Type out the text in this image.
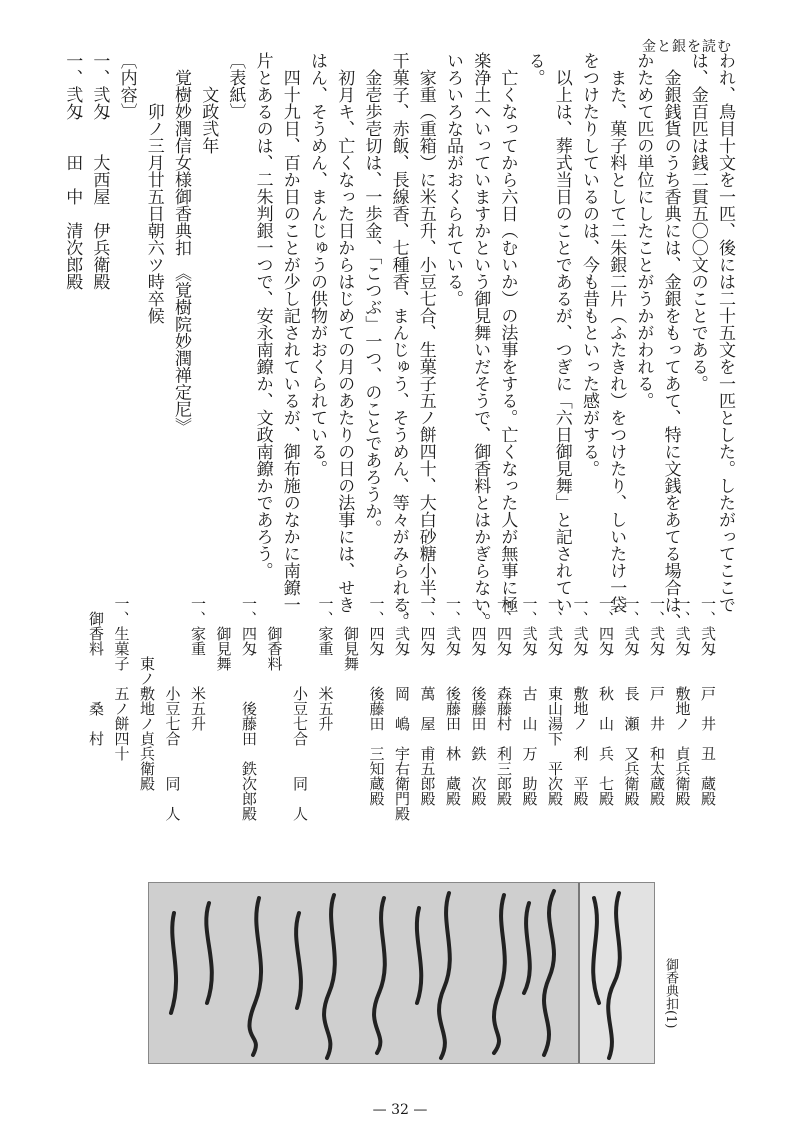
金と銀を読む
われ、鳥目十文を一匹、後には二十五文を一匹とした。したがってここで
は、金百匹は銭二貫五〇〇文のことである。
　金銀銭貨のうち香典には、金銀をもってあて、特に文銭をあてる場合は、
かためて匹の単位にしたことがうかがわれる。
　また、菓子料として二朱銀二片（ふたきれ）をつけたり、しいたけ一袋
をつけたりしているのは、今も昔もといった感がする。
　以上は、葬式当日のことであるが、つぎに「六日御見舞」と記されてい
る。
　亡くなってから六日（むいか）の法事をする。亡くなった人が無事に極
楽浄土へいっていますかという御見舞いだそうで、御香料とはかぎらない。
いろいろな品がおくられている。
　家重（重箱）に米五升、小豆七合、生菓子五ノ餅四十、大白砂糖小半、
干菓子、赤飯、長線香、七種香、まんじゅう、そうめん、等々がみられる。
　金壱歩壱切は、一歩金、「こつぶ」一つ、のことであろうか。
　初月キ、亡くなった日からはじめての月のあたりの日の法事には、せき
はん、そうめん、まんじゅうの供物がおくられている。
　四十九日、百か日のことが少し記されているが、御布施のなかに南鐐一
片とあるのは、二朱判銀一つで、安永南鐐か、文政南鐐かであろう。
〔表紙〕
　　文政弐年
　覚樹妙潤信女様御香典扣　《覚樹院妙潤禅定尼》
　　　卯ノ三月廿五日朝六ツ時卒候
〔内容〕
一、弐匁　　大西屋　伊兵衛殿
一、弐匁　　田　中　清次郎殿
一、弐匁　　戸　井　丑　蔵殿
一、弐匁　　敷地ノ　貞兵衛殿
一、弐匁　　戸　井　和太蔵殿
一、弐匁　　長　瀬　又兵衛殿
一、四匁　　秋　山　兵　七殿
一、弐匁　　敷地ノ　利　平殿
一、弐匁　　東山湯下　平次殿
一、弐匁　　古　山　万　助殿
一、四匁　　森藤村　利三郎殿
一、四匁　　後藤田　鉄　次殿
一、弐匁　　後藤田　林　蔵殿
一、四匁　　萬　屋　甫五郎殿
一、弐匁　　岡　嶋　宇右衛門殿
一、四匁　　後藤田　三知蔵殿
　　御見舞
一、家重　　米五升
　　　　　　小豆七合　　同　人
　　御香料
一、四匁　　　後藤田　鉄次郎殿
　　御見舞
一、家重　　米五升
　　　　　　小豆七合　　同　人
　　　　東ノ敷地ノ貞兵衛殿
一、生菓子　五ノ餅四十
　御香料　　　桑　村
御香典扣(1)
— 32 —
